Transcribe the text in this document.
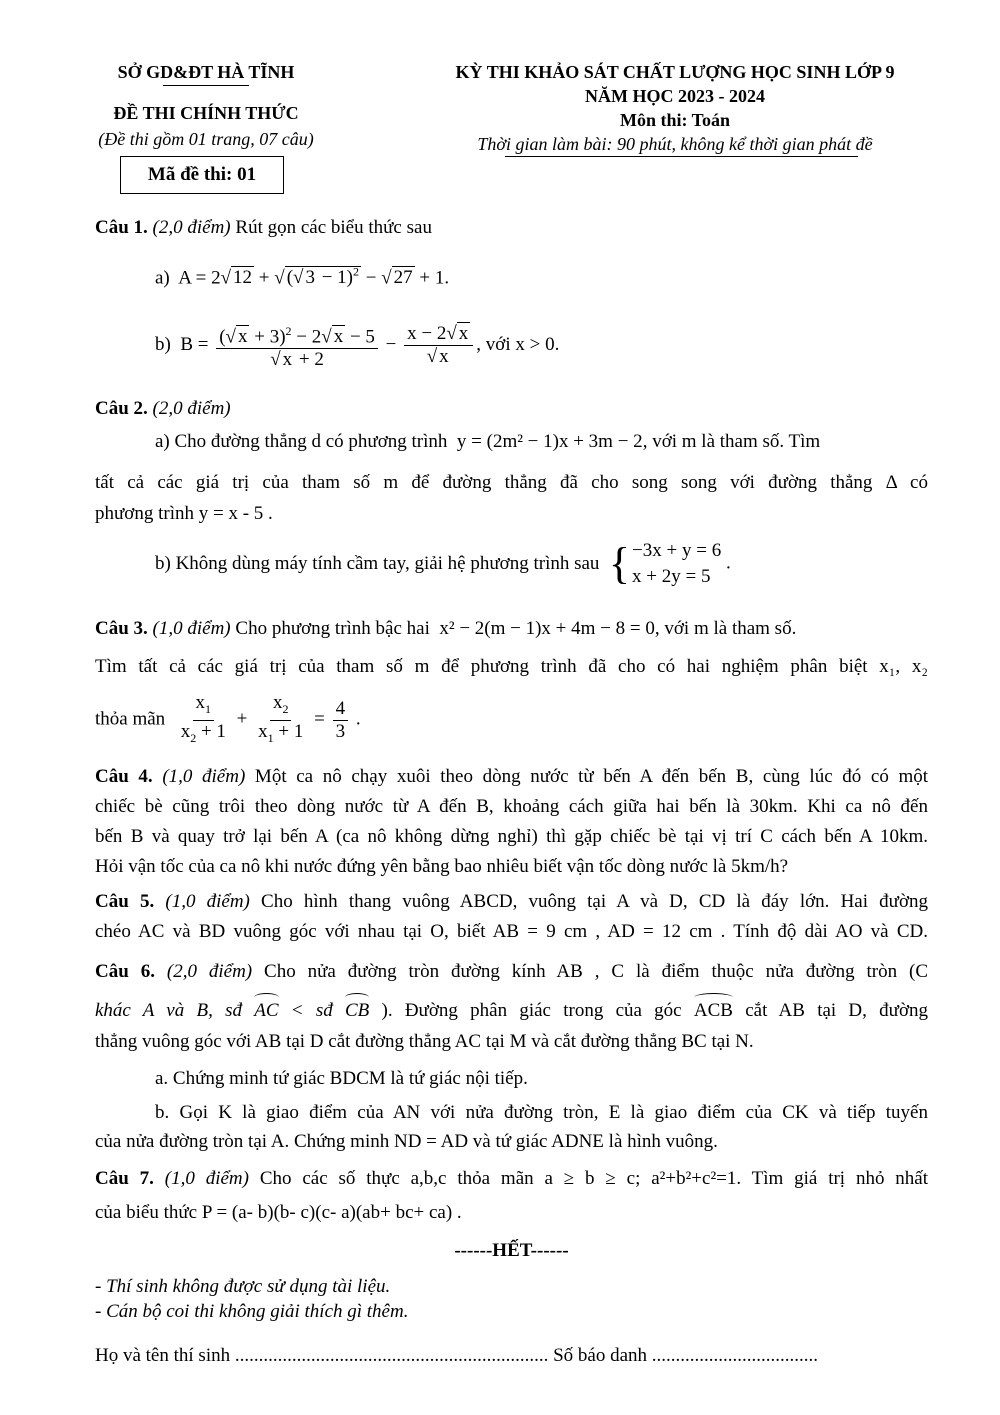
SỞ GD&ĐT HÀ TĨNH
ĐỀ THI CHÍNH THỨC
(Đề thi gồm 01 trang, 07 câu)
Mã đề thi: 01
KỲ THI KHẢO SÁT CHẤT LƯỢNG HỌC SINH LỚP 9
NĂM HỌC 2023 - 2024
Môn thi: Toán
Thời gian làm bài: 90 phút, không kể thời gian phát đề
Câu 1. (2,0 điểm) Rút gọn các biểu thức sau
a)  A = 2√ 12 + √ (√ 3 − 1)$^2$ − √ 27 + 1.
b)  $B = \frac{(√ x + 3)^2 - 2√ x - 5}{√ x + 2} - \frac{x - 2√ x}{√ x}$ , với x > 0.
Câu 2. (2,0 điểm)
a) Cho đường thẳng d có phương trình y = (2m² − 1)x + 3m − 2, với m là tham số. Tìm
tất cả các giá trị của tham số m để đường thẳng đã cho song song với đường thẳng Δ có
phương trình y = x - 5 .
b) Không dùng máy tính cầm tay, giải hệ phương trình sau { −3x + y = 6
x + 2y = 5
.
Câu 3. (1,0 điểm) Cho phương trình bậc hai x² − 2(m − 1)x + 4m − 8 = 0, với m là tham số.
Tìm tất cả các giá trị của tham số m để phương trình đã cho có hai nghiệm phân biệt x₁, x₂
thỏa mãn $\frac{x_1}{x_2 + 1} + \frac{x_2}{x_1 + 1} = \frac{4}{3}$ .
Câu 4. (1,0 điểm) Một ca nô chạy xuôi theo dòng nước từ bến A đến bến B, cùng lúc đó có một
chiếc bè cũng trôi theo dòng nước từ A đến B, khoảng cách giữa hai bến là 30km. Khi ca nô đến
bến B và quay trở lại bến A (ca nô không dừng nghỉ) thì gặp chiếc bè tại vị trí C cách bến A 10km.
Hỏi vận tốc của ca nô khi nước đứng yên bằng bao nhiêu biết vận tốc dòng nước là 5km/h?
Câu 5. (1,0 điểm) Cho hình thang vuông ABCD, vuông tại A và D, CD là đáy lớn. Hai đường
chéo AC và BD vuông góc với nhau tại O, biết AB = 9 cm , AD = 12 cm . Tính độ dài AO và CD.
Câu 6. (2,0 điểm) Cho nửa đường tròn đường kính AB , C là điểm thuộc nửa đường tròn (C
khác A và B, sđ AC < sđ CB ). Đường phân giác trong của góc ACB cắt AB tại D, đường
thẳng vuông góc với AB tại D cắt đường thẳng AC tại M và cắt đường thẳng BC tại N.
a. Chứng minh tứ giác BDCM là tứ giác nội tiếp.
b. Gọi K là giao điểm của AN với nửa đường tròn, E là giao điểm của CK và tiếp tuyến
của nửa đường tròn tại A. Chứng minh ND = AD và tứ giác ADNE là hình vuông.
Câu 7. (1,0 điểm) Cho các số thực a,b,c thỏa mãn a ≥ b ≥ c; a²+b²+c²=1. Tìm giá trị nhỏ nhất
của biểu thức P = (a- b)(b- c)(c- a)(ab+ bc+ ca) .
------HẾT------
- Thí sinh không được sử dụng tài liệu.
- Cán bộ coi thi không giải thích gì thêm.
Họ và tên thí sinh .................................................................. Số báo danh ...................................
